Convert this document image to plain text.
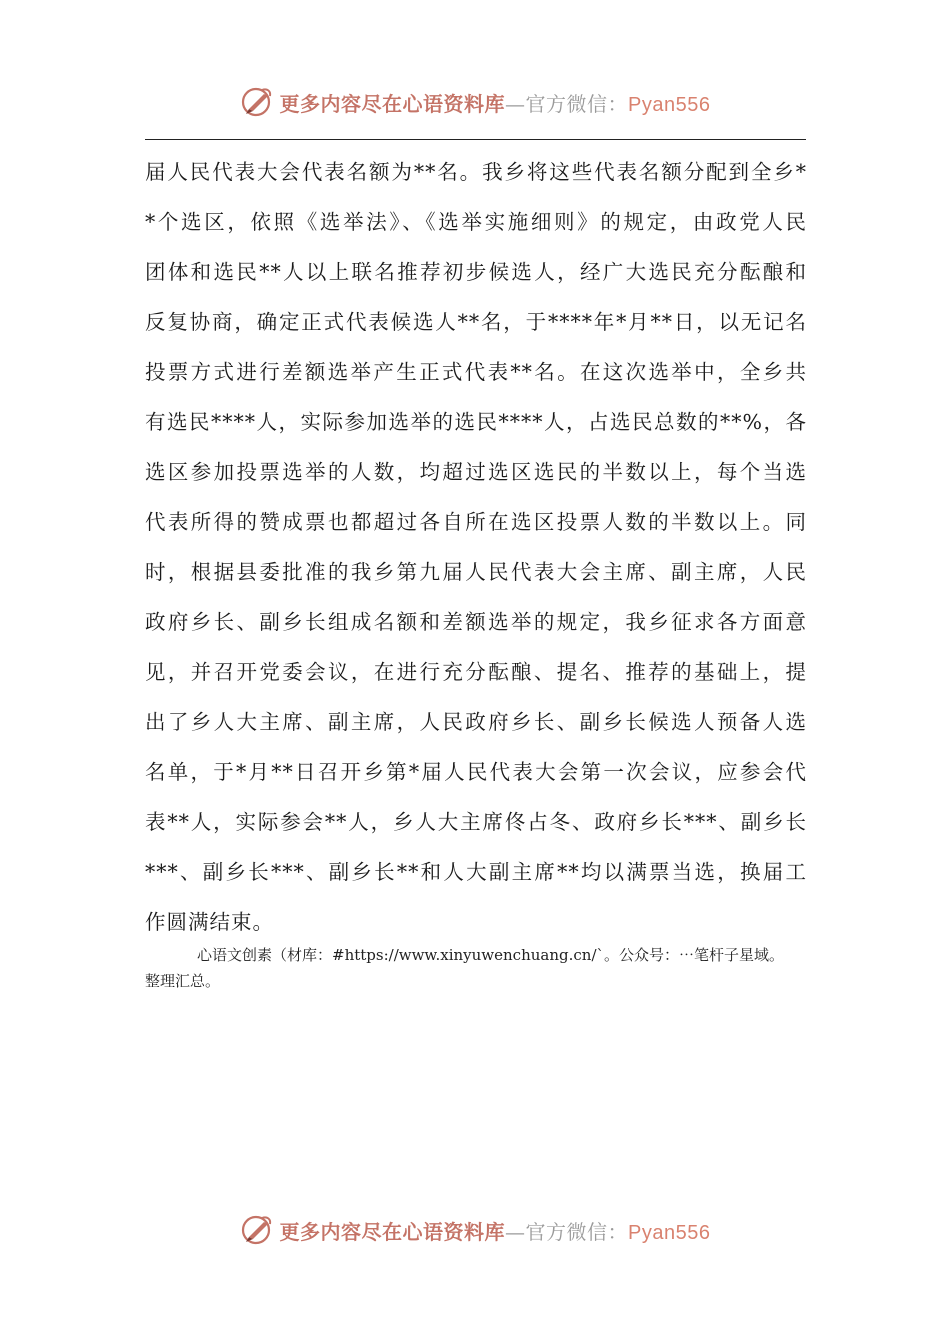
更多内容尽在心语资料库—官方微信：Pyan556
届人民代表大会代表名额为**名。我乡将这些代表名额分配到全乡*
*个选区，依照《选举法》、《选举实施细则》的规定，由政党人民
团体和选民**人以上联名推荐初步候选人，经广大选民充分酝酿和
反复协商，确定正式代表候选人**名，于****年*月**日，以无记名
投票方式进行差额选举产生正式代表**名。在这次选举中，全乡共
有选民****人，实际参加选举的选民****人，占选民总数的**%，各
选区参加投票选举的人数，均超过选区选民的半数以上，每个当选
代表所得的赞成票也都超过各自所在选区投票人数的半数以上。同
时，根据县委批准的我乡第九届人民代表大会主席、副主席，人民
政府乡长、副乡长组成名额和差额选举的规定，我乡征求各方面意
见，并召开党委会议，在进行充分酝酿、提名、推荐的基础上，提
出了乡人大主席、副主席，人民政府乡长、副乡长候选人预备人选
名单，于*月**日召开乡第*届人民代表大会第一次会议，应参会代
表**人，实际参会**人，乡人大主席佟占冬、政府乡长***、副乡长
***、副乡长***、副乡长**和人大副主席**均以满票当选，换届工
作圆满结束。
心语文创素（材库：#https://www.xinyuwenchuang.cn/`。公众号：⋯笔杆子星域。
整理汇总。
更多内容尽在心语资料库—官方微信：Pyan556
